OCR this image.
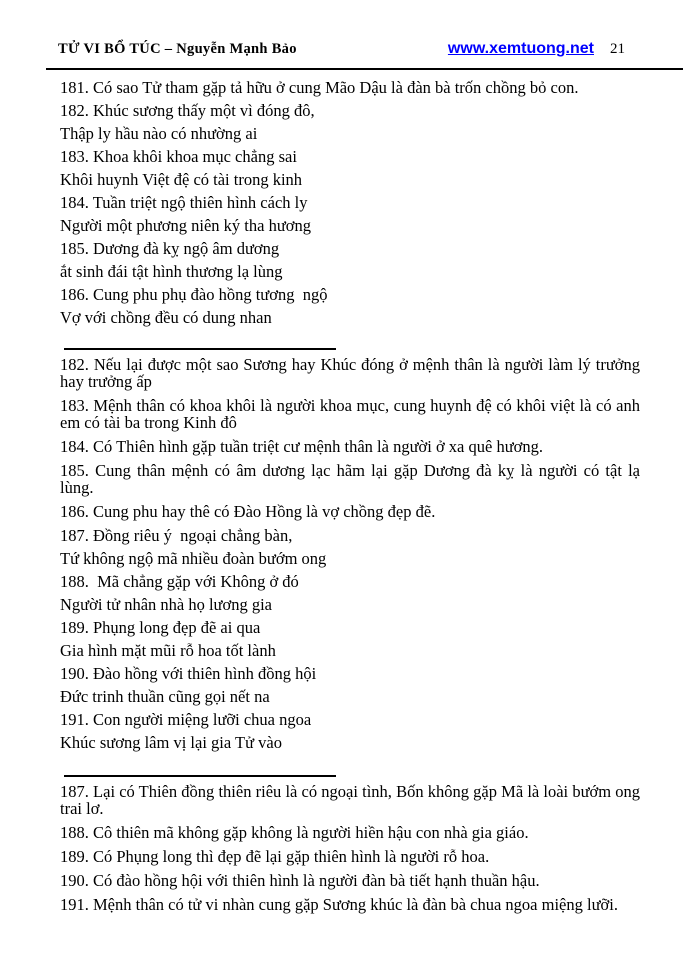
TỬ VI BỔ TÚC – Nguyễn Mạnh Bảo	www.xemtuong.net 21
181. Có sao Tử tham gặp tả hữu ở cung Mão Dậu là đàn bà trốn chồng bỏ con.
182. Khúc sương thấy một vì đóng đô,
Thập ly hầu nào có nhường ai
183. Khoa khôi khoa mục chẳng sai
Khôi huynh Việt đệ có tài trong kinh
184. Tuần triệt ngộ thiên hình cách ly
Người một phương niên ký tha hương
185. Dương đà kỵ ngộ âm dương
ắt sinh đái tật hình thương lạ lùng
186. Cung phu phụ đào hồng tương  ngộ
Vợ với chồng đều có dung nhan

182. Nếu lại được một sao Sương hay Khúc đóng ở mệnh thân là người làm lý trưởng hay trưởng ấp

183. Mệnh thân có khoa khôi là người khoa mục, cung huynh đệ có khôi việt là có anh em có tài ba trong Kinh đô

184. Có Thiên hình gặp tuần triệt cư mệnh thân là người ở xa quê hương.

185. Cung thân mệnh có âm dương lạc hãm lại gặp Dương đà kỵ là người có tật lạ lùng.

186. Cung phu hay thê có Đào Hồng là vợ chồng đẹp đẽ.

187. Đồng riêu ý  ngoại chẳng bàn,
Tứ không ngộ mã nhiều đoàn bướm ong
188.  Mã chẳng gặp với Không ở đó
Người tử nhân nhà họ lương gia
189. Phụng long đẹp đẽ ai qua
Gia hình mặt mũi rỗ hoa tốt lành
190. Đào hồng với thiên hình đồng hội
Đức trinh thuần cũng gọi nết na
191. Con người miệng lưỡi chua ngoa
Khúc sương lâm vị lại gia Tử vào

187. Lại có Thiên đồng thiên riêu là có ngoại tình, Bốn không gặp Mã là loài bướm ong trai lơ.

188. Cô thiên mã không gặp không là người hiền hậu con nhà gia giáo.

189. Có Phụng long thì đẹp đẽ lại gặp thiên hình là người rỗ hoa.

190. Có đào hồng hội với thiên hình là người đàn bà tiết hạnh thuần hậu.

191. Mệnh thân có tử vi nhàn cung gặp Sương khúc là đàn bà chua ngoa miệng lưỡi.
